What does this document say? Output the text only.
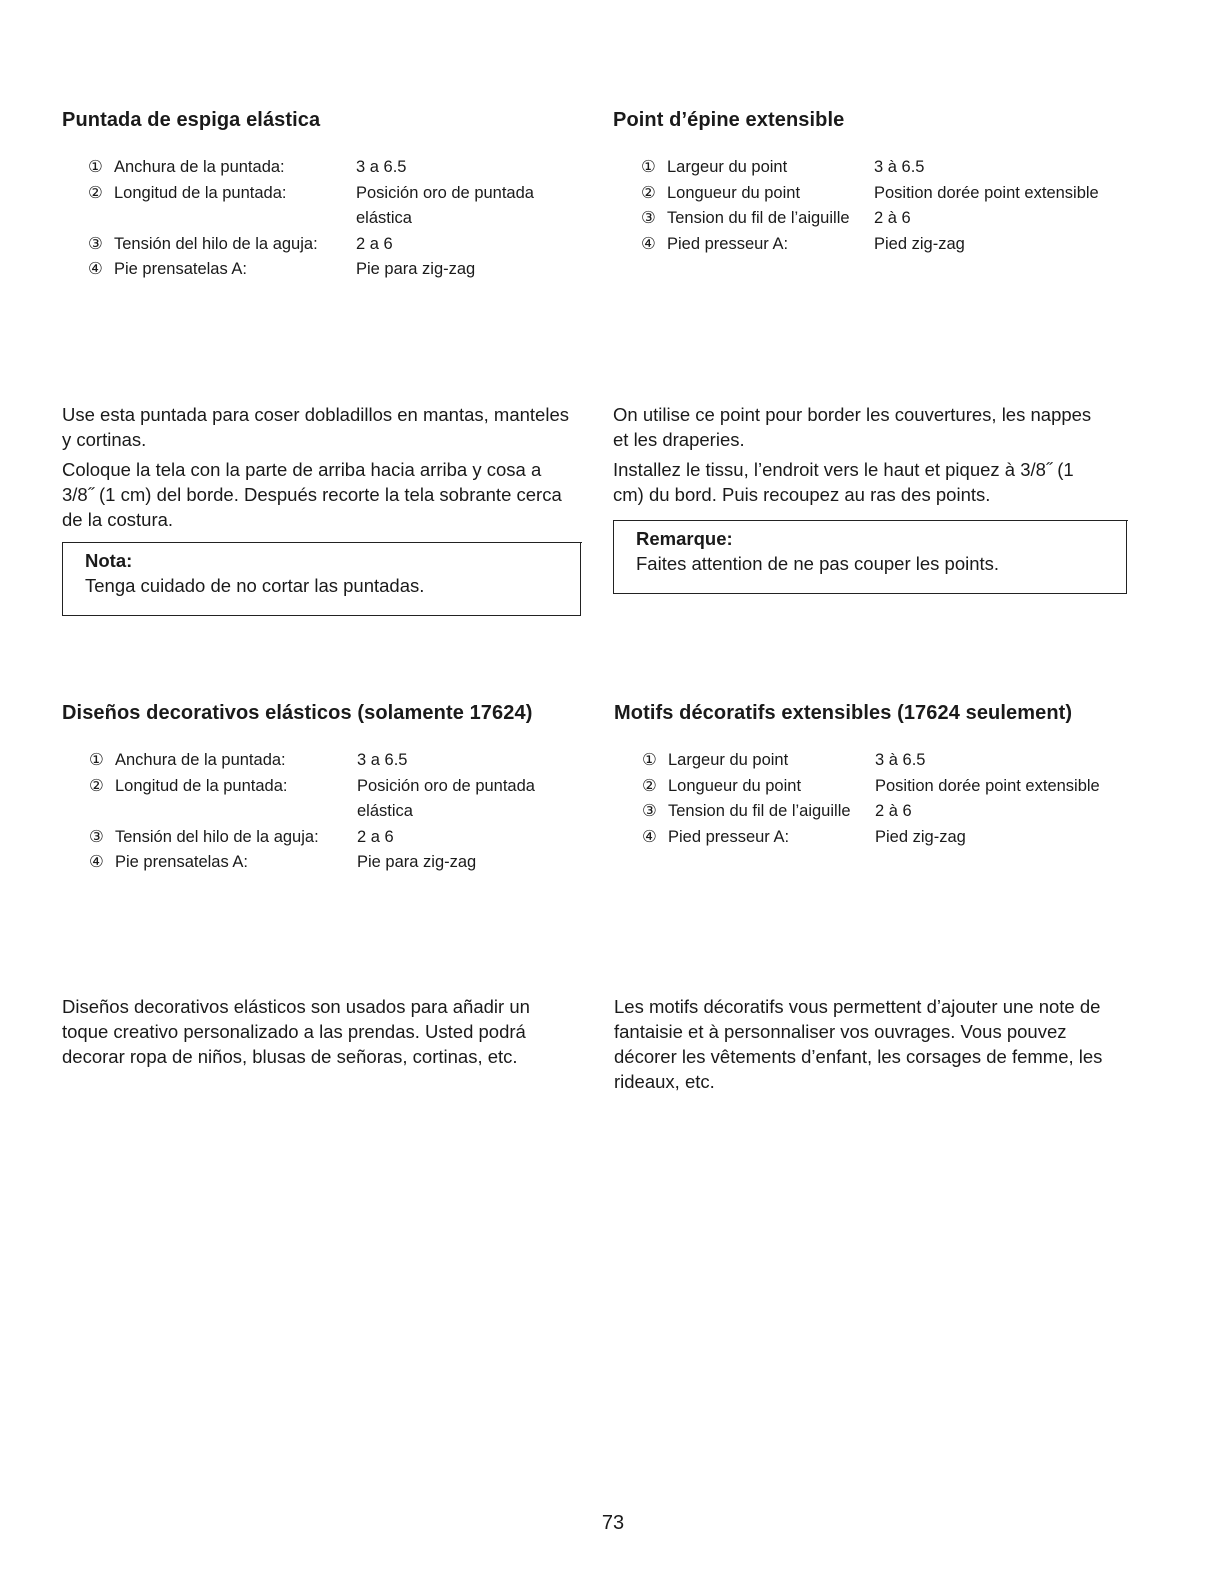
Puntada de espiga elástica
① Anchura de la puntada:	3 a 6.5
② Longitud de la puntada:	Posición oro de puntada elástica
③ Tensión del hilo de la aguja:	2 a 6
④ Pie prensatelas A:	Pie para zig-zag

Use esta puntada para coser dobladillos en mantas, manteles y cortinas.

Coloque la tela con la parte de arriba hacia arriba y cosa a 3/8˝ (1 cm) del borde. Después recorte la tela sobrante cerca de la costura.

Nota:
Tenga cuidado de no cortar las puntadas.
Point d’épine extensible
① Largeur du point	3 à 6.5
② Longueur du point	Position dorée point extensible
③ Tension du fil de l’aiguille	2 à 6
④ Pied presseur A:	Pied zig-zag

On utilise ce point pour border les couvertures, les nappes et les draperies.

Installez le tissu, l’endroit vers le haut et piquez à 3/8˝ (1 cm) du bord. Puis recoupez au ras des points.

Remarque:
Faites attention de ne pas couper les points.
Diseños decorativos elásticos (solamente 17624)
① Anchura de la puntada:	3 a 6.5
② Longitud de la puntada:	Posición oro de puntada elástica
③ Tensión del hilo de la aguja:	2 a 6
④ Pie prensatelas A:	Pie para zig-zag

Diseños decorativos elásticos son usados para añadir un toque creativo personalizado a las prendas. Usted podrá decorar ropa de niños, blusas de señoras, cortinas, etc.

Motifs décoratifs extensibles (17624 seulement)
① Largeur du point	3 à 6.5
② Longueur du point	Position dorée point extensible
③ Tension du fil de l’aiguille	2 à 6
④ Pied presseur A:	Pied zig-zag

Les motifs décoratifs vous permettent d’ajouter une note de fantaisie et à personnaliser vos ouvrages. Vous pouvez décorer les vêtements d’enfant, les corsages de femme, les rideaux, etc.

73
